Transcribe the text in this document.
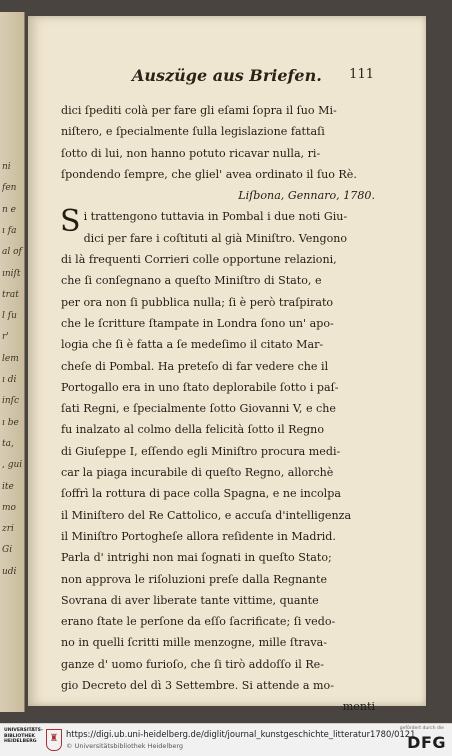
ni
fen
n e
ı fa
al of
ıniſt
trat
l ſu
r'
lem
ı di
inſc
ı be
ta,
, gui
ite
mo
zri
Gi
udi
Auszüge aus Briefen. 111
dici ſpediti colà per fare gli eſami ſopra il ſuo Mi-
niſtero, e ſpecialmente ſulla legislazione fattaſi
ſotto di lui, non hanno potuto ricavar nulla, ri-
ſpondendo ſempre, che gliel' avea ordinato il ſuo Rè.
Liſbona, Gennaro, 1780.
S i trattengono tuttavia in Pombal i due noti Giu-
dici per fare i coſtituti al già Miniſtro. Vengono
di là frequenti Corrieri colle opportune relazioni,
che ſi conſegnano a queſto Miniſtro di Stato, e
per ora non ſi pubblica nulla; ſi è però traſpirato
che le ſcritture ſtampate in Londra ſono un' apo-
logia che ſi è fatta a ſe medeſimo il citato Mar-
cheſe di Pombal. Ha preteſo di far vedere che il
Portogallo era in uno ſtato deplorabile ſotto i paſ-
ſati Regni, e ſpecialmente ſotto Giovanni V, e che
fu inalzato al colmo della felicità ſotto il Regno
di Giuſeppe I, eſſendo egli Miniſtro procura medi-
car la piaga incurabile di queſto Regno, allorchè
ſoffrì la rottura di pace colla Spagna, e ne incolpa
il Miniſtero del Re Cattolico, e accuſa d'intelligenza
il Miniſtro Portogheſe allora reſidente in Madrid.
Parla d' intrighi non mai ſognati in queſto Stato;
non approva le riſoluzioni preſe dalla Regnante
Sovrana di aver liberate tante vittime, quante
erano ſtate le perſone da eſſo ſacrificate; ſi vedo-
no in quelli ſcritti mille menzogne, mille ſtrava-
ganze d' uomo furioſo, che ſi tirò addoſſo il Re-
gio Decreto del dì 3 Settembre. Si attende a mo-
menti
UNIVERSITÄTS-
BIBLIOTHEK
HEIDELBERG	♜ https://digi.ub.uni-heidelberg.de/diglit/journal_kunstgeschichte_litteratur1780/0121
© Universitätsbibliothek Heidelberg
gefördert durch die
DFG
